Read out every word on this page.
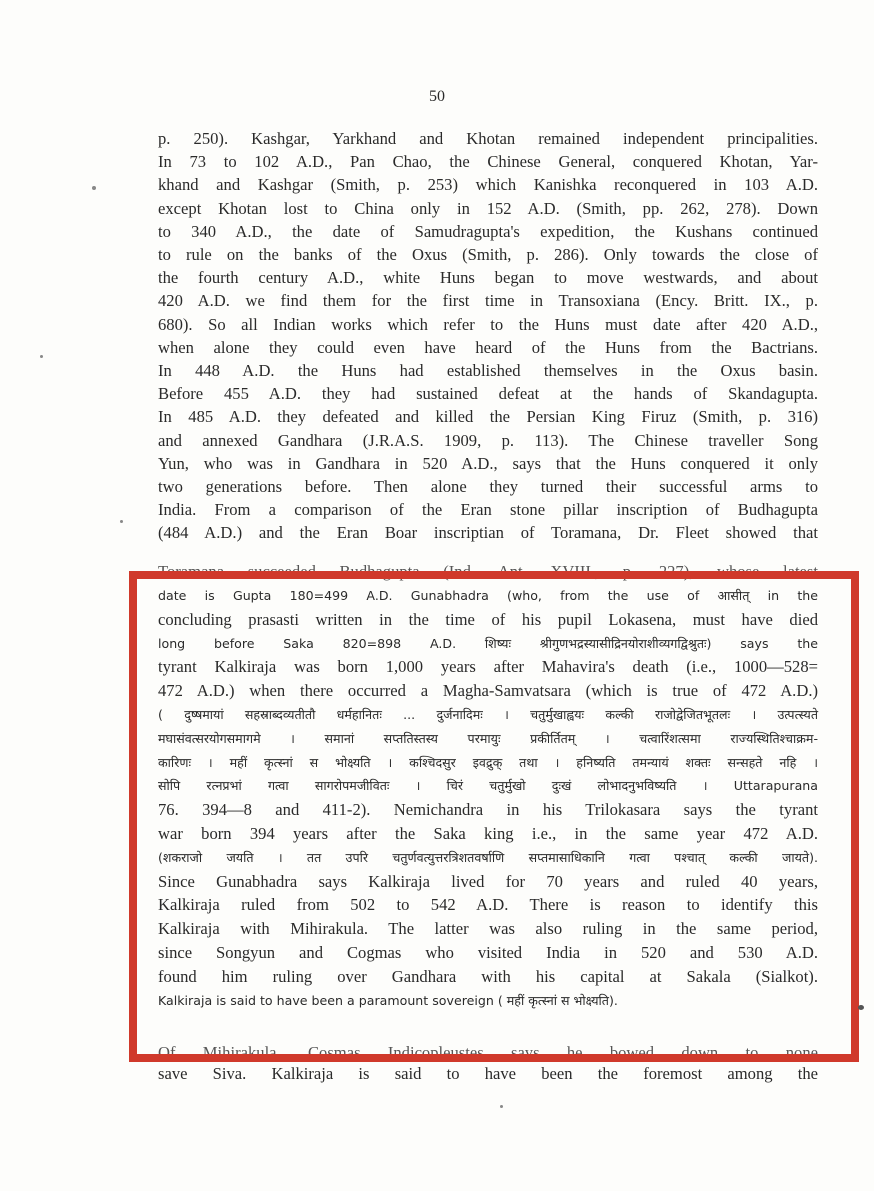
50
p. 250). Kashgar, Yarkhand and Khotan remained independent principalities.
In 73 to 102 A.D., Pan Chao, the Chinese General, conquered Khotan, Yar-
khand and Kashgar (Smith, p. 253) which Kanishka reconquered in 103 A.D.
except Khotan lost to China only in 152 A.D. (Smith, pp. 262, 278). Down
to 340 A.D., the date of Samudragupta's expedition, the Kushans continued
to rule on the banks of the Oxus (Smith, p. 286). Only towards the close of
the fourth century A.D., white Huns began to move westwards, and about
420 A.D. we find them for the first time in Transoxiana (Ency. Britt. IX., p.
680). So all Indian works which refer to the Huns must date after 420 A.D.,
when alone they could even have heard of the Huns from the Bactrians.
In 448 A.D. the Huns had established themselves in the Oxus basin.
Before 455 A.D. they had sustained defeat at the hands of Skandagupta.
In 485 A.D. they defeated and killed the Persian King Firuz (Smith, p. 316)
and annexed Gandhara (J.R.A.S. 1909, p. 113). The Chinese traveller Song
Yun, who was in Gandhara in 520 A.D., says that the Huns conquered it only
two generations before. Then alone they turned their successful arms to
India. From a comparison of the Eran stone pillar inscription of Budhagupta
(484 A.D.) and the Eran Boar inscriptian of Toramana, Dr. Fleet showed that
Toramana succeeded Budhagupta (Ind. Ant. XVIII., p. 227), whose latest
date is Gupta 180=499 A.D. Gunabhadra (who, from the use of आसीत् in the
concluding prasasti written in the time of his pupil Lokasena, must have died
long before Saka 820=898 A.D. शिष्यः श्रीगुणभद्रस्यासीद्रिनयोराशीव्यगद्विश्रुतः) says the
tyrant Kalkiraja was born 1,000 years after Mahavira's death (i.e., 1000—528=
472 A.D.) when there occurred a Magha-Samvatsara (which is true of 472 A.D.)
( दुष्षमायां सहस्राब्दव्यतीतौ धर्महानितः ... दुर्जनादिमः । चतुर्मुखाह्वयः कल्की राजोद्वेजितभूतलः । उत्पत्स्यते
मघासंवत्सरयोगसमागमे । समानां सप्ततिस्तस्य परमायुः प्रकीर्तितम् । चत्वारिंशत्समा राज्यस्थितिश्चाक्रम-
कारिणः । महीं कृत्स्नां स भोक्ष्यति । कश्चिदसुर इवद्रुक् तथा । हनिष्यति तमन्यायं शक्तः सन्सहते नहि ।
सोपि रत्नप्रभां गत्वा सागरोपमजीवितः । चिरं चतुर्मुखो दुःखं लोभादनुभविष्यति । Uttarapurana
76. 394—8 and 411-2). Nemichandra in his Trilokasara says the tyrant
war born 394 years after the Saka king i.e., in the same year 472 A.D.
(शकराजो जयति । तत उपरि चतुर्णवत्युत्तरत्रिशतवर्षाणि सप्तमासाधिकानि गत्वा पश्चात् कल्की जायते).
Since Gunabhadra says Kalkiraja lived for 70 years and ruled 40 years,
Kalkiraja ruled from 502 to 542 A.D. There is reason to identify this
Kalkiraja with Mihirakula. The latter was also ruling in the same period,
since Songyun and Cogmas who visited India in 520 and 530 A.D.
found him ruling over Gandhara with his capital at Sakala (Sialkot).
Kalkiraja is said to have been a paramount sovereign ( महीं कृत्स्नां स भोक्ष्यति).
Of Mihirakula, Cosmas Indicopleustes says he bowed down to none
save Siva. Kalkiraja is said to have been the foremost among the
